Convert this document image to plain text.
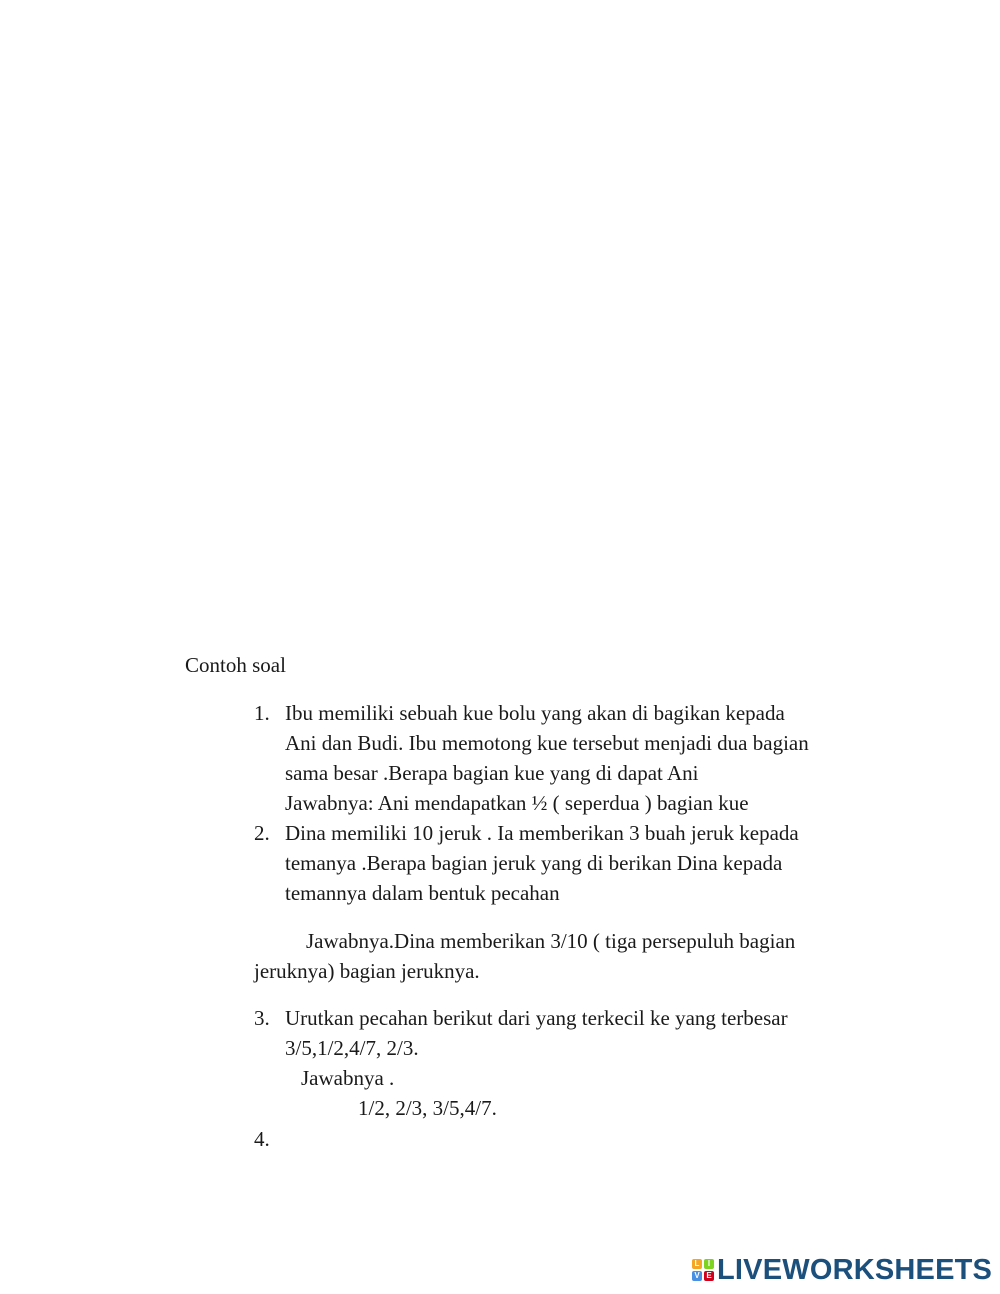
Contoh soal
1. Ibu memiliki sebuah kue bolu yang akan di bagikan kepada
Ani dan Budi. Ibu memotong kue tersebut menjadi dua bagian
sama besar .Berapa bagian kue yang di dapat Ani
Jawabnya: Ani mendapatkan ½ ( seperdua ) bagian kue
2. Dina memiliki 10 jeruk . Ia memberikan 3 buah jeruk kepada
temanya .Berapa bagian jeruk yang di berikan Dina kepada
temannya dalam bentuk pecahan
Jawabnya.Dina memberikan 3/10 ( tiga persepuluh bagian
jeruknya) bagian jeruknya.
3. Urutkan pecahan berikut dari yang terkecil ke yang terbesar
3/5,1/2,4/7, 2/3.
Jawabnya .
1/2, 2/3, 3/5,4/7.
4.
L	I
V E LIVEWORKSHEETS
